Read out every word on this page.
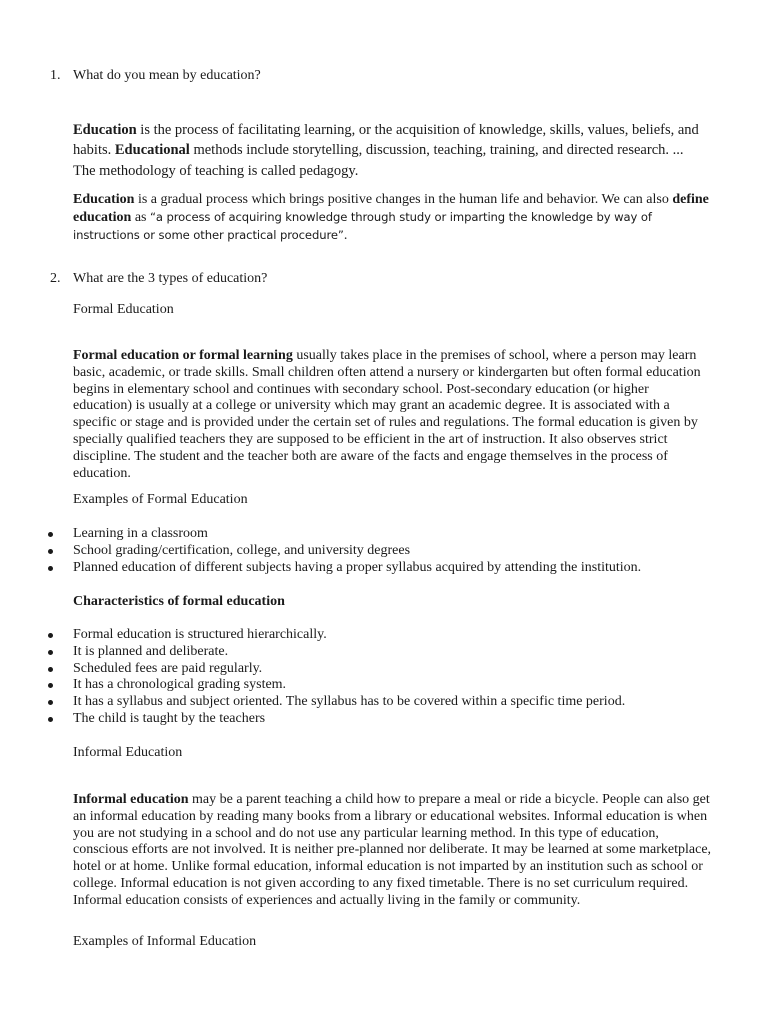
1. What do you mean by education?

Education is the process of facilitating learning, or the acquisition of knowledge, skills, values, beliefs, and habits. Educational methods include storytelling, discussion, teaching, training, and directed research. ... The methodology of teaching is called pedagogy.

Education is a gradual process which brings positive changes in the human life and behavior. We can also define education as “a process of acquiring knowledge through study or imparting the knowledge by way of instructions or some other practical procedure”.

2. What are the 3 types of education?
Formal Education

Formal education or formal learning usually takes place in the premises of school, where a person may learn basic, academic, or trade skills. Small children often attend a nursery or kindergarten but often formal education begins in elementary school and continues with secondary school. Post-secondary education (or higher education) is usually at a college or university which may grant an academic degree. It is associated with a specific or stage and is provided under the certain set of rules and regulations. The formal education is given by specially qualified teachers they are supposed to be efficient in the art of instruction. It also observes strict discipline. The student and the teacher both are aware of the facts and engage themselves in the process of education.

Examples of Formal Education
Learning in a classroom
School grading/certification, college, and university degrees
Planned education of different subjects having a proper syllabus acquired by attending the institution.
Characteristics of formal education
Formal education is structured hierarchically.
It is planned and deliberate.
Scheduled fees are paid regularly.
It has a chronological grading system.
It has a syllabus and subject oriented. The syllabus has to be covered within a specific time period.
The child is taught by the teachers
Informal Education

Informal education may be a parent teaching a child how to prepare a meal or ride a bicycle. People can also get an informal education by reading many books from a library or educational websites. Informal education is when you are not studying in a school and do not use any particular learning method. In this type of education, conscious efforts are not involved. It is neither pre-planned nor deliberate. It may be learned at some marketplace, hotel or at home. Unlike formal education, informal education is not imparted by an institution such as school or college. Informal education is not given according to any fixed timetable. There is no set curriculum required. Informal education consists of experiences and actually living in the family or community.

Examples of Informal Education
